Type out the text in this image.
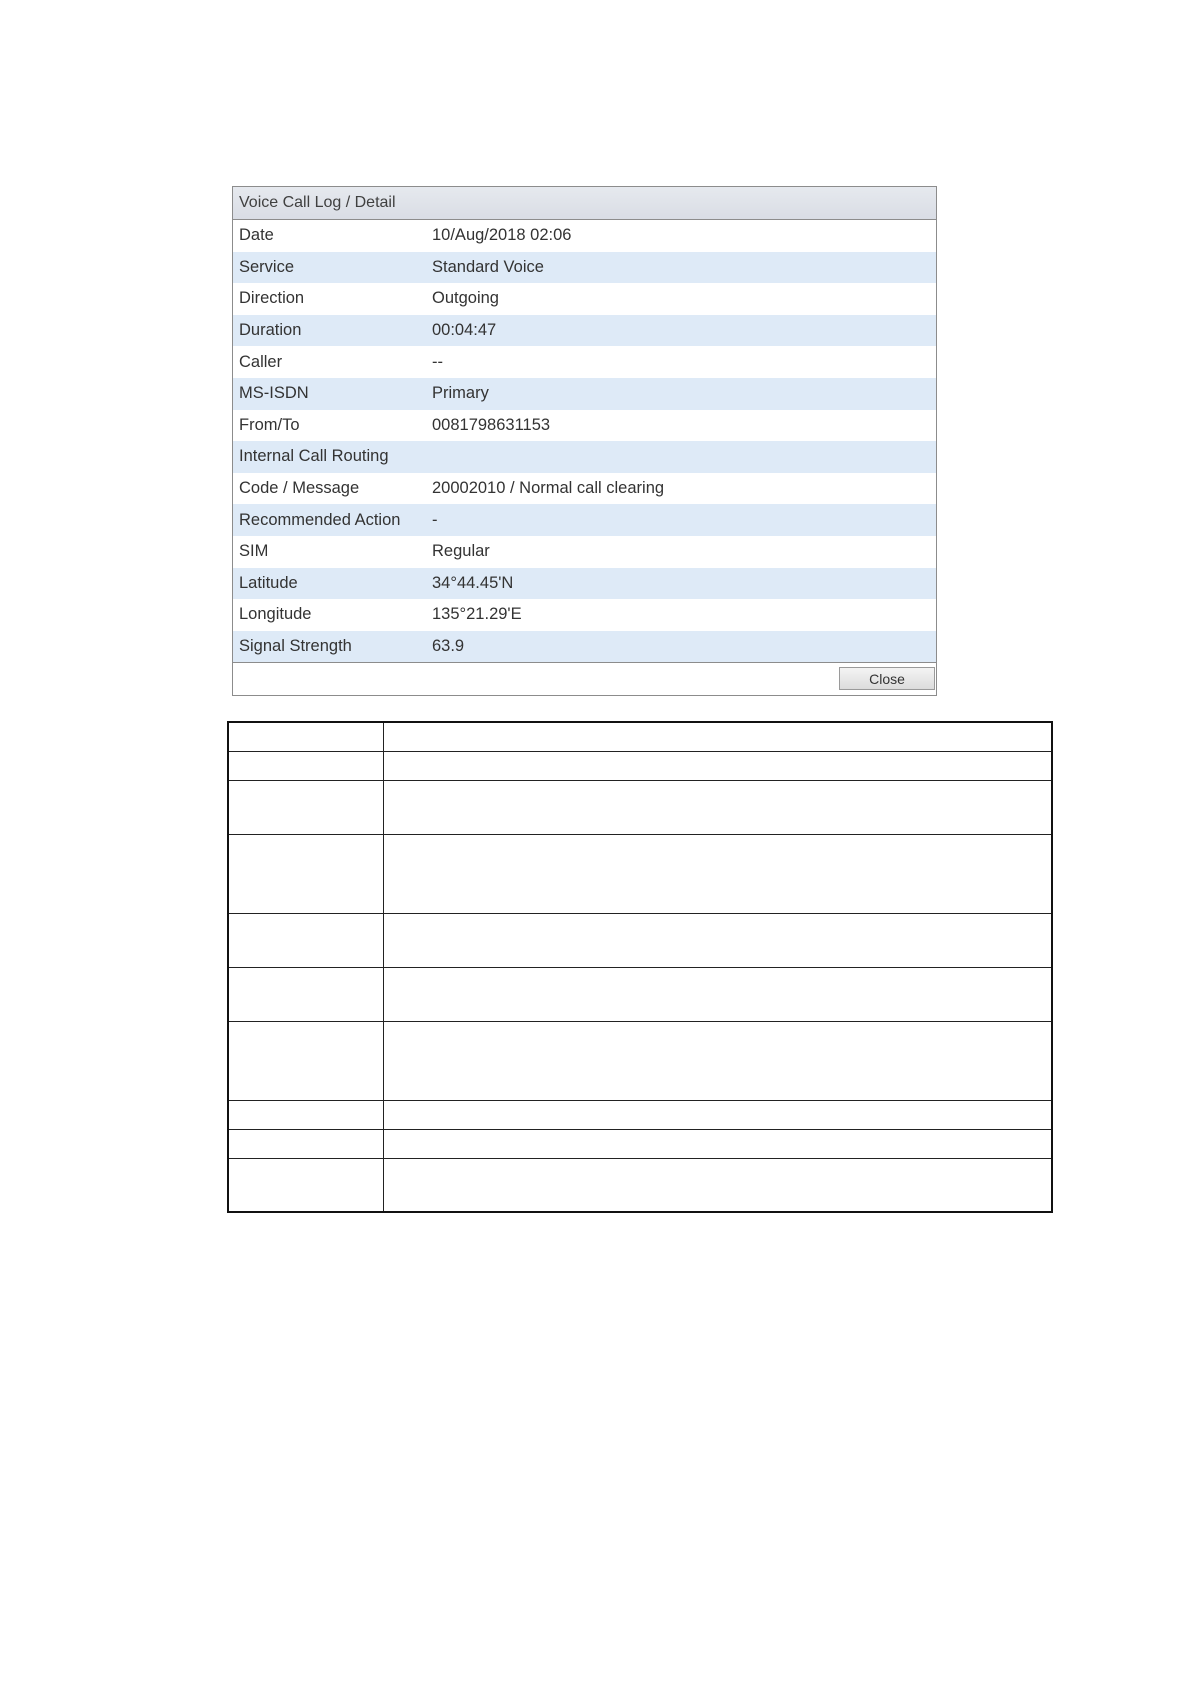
Voice Call Log / Detail
Date	10/Aug/2018 02:06
Service	Standard Voice
Direction	Outgoing
Duration	00:04:47
Caller	--
MS-ISDN	Primary
From/To	0081798631153
Internal Call Routing	
Code / Message	20002010 / Normal call clearing
Recommended Action	-
SIM	Regular
Latitude	34°44.45'N
Longitude	135°21.29'E
Signal Strength	63.9
Close
